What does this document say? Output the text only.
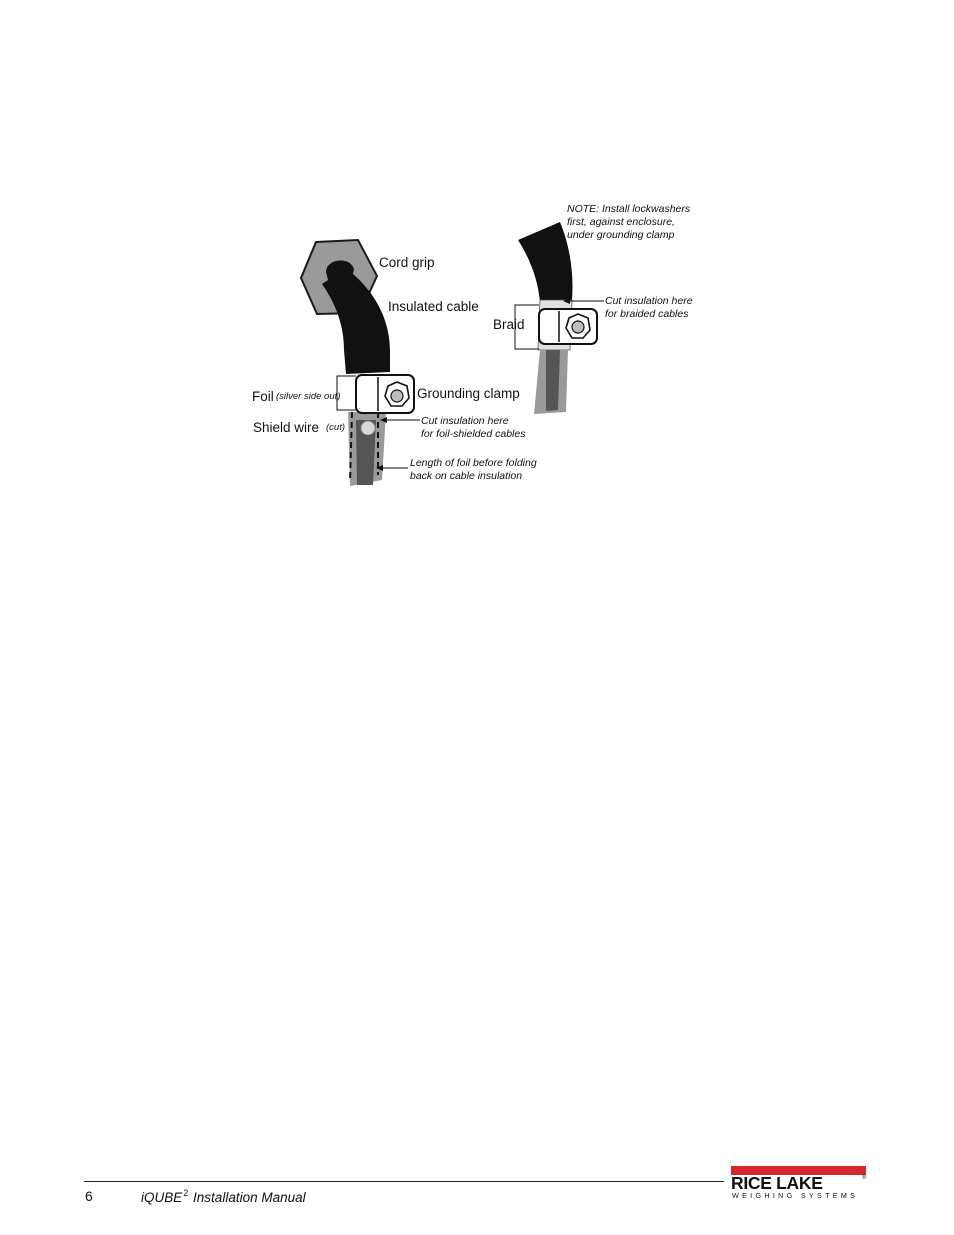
Cord grip
Insulated cable
Foil (silver side out)
Shield wire (cut)
Grounding clamp
Cut insulation here
for foil-shielded cables
Length of foil before folding
back on cable insulation
NOTE: Install lockwashers
first, against enclosure,
under grounding clamp
Braid
Cut insulation here
for braided cables
6	iQUBE$^2$ Installation Manual
RICE LAKE	®
WEIGHING SYSTEMS
